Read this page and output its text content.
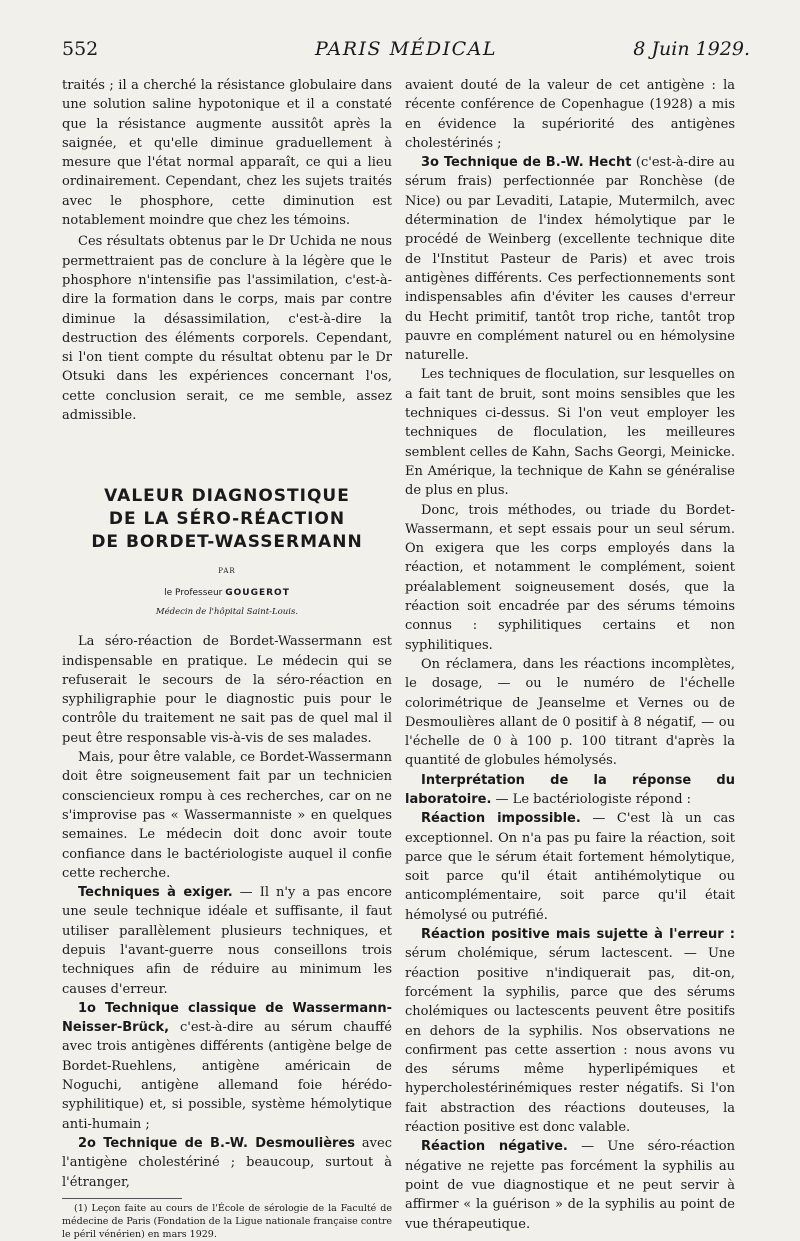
552	PARIS MÉDICAL	8 Juin 1929.

traités ; il a cherché la résistance globulaire dans une solution saline hypotonique et il a constaté que la résistance augmente aussitôt après la saignée, et qu'elle diminue graduellement à mesure que l'état normal apparaît, ce qui a lieu ordinairement. Cependant, chez les sujets traités avec le phosphore, cette diminution est notablement moindre que chez les témoins.

Ces résultats obtenus par le Dr Uchida ne nous permettraient pas de conclure à la légère que le phosphore n'intensifie pas l'assimilation, c'est-à-dire la formation dans le corps, mais par contre diminue la désassimilation, c'est-à-dire la destruction des éléments corporels. Cependant, si l'on tient compte du résultat obtenu par le Dr Otsuki dans les expériences concernant l'os, cette conclusion serait, ce me semble, assez admissible.

VALEUR DIAGNOSTIQUE
DE LA SÉRO-RÉACTION
DE BORDET-WASSERMANN
PAR
le Professeur GOUGEROT
Médecin de l'hôpital Saint-Louis.

La séro-réaction de Bordet-Wassermann est indispensable en pratique. Le médecin qui se refuserait le secours de la séro-réaction en syphiligraphie pour le diagnostic puis pour le contrôle du traitement ne sait pas de quel mal il peut être responsable vis-à-vis de ses malades.

Mais, pour être valable, ce Bordet-Wassermann doit être soigneusement fait par un technicien consciencieux rompu à ces recherches, car on ne s'improvise pas « Wassermanniste » en quelques semaines. Le médecin doit donc avoir toute confiance dans le bactériologiste auquel il confie cette recherche.

Techniques à exiger. — Il n'y a pas encore une seule technique idéale et suffisante, il faut utiliser parallèlement plusieurs techniques, et depuis l'avant-guerre nous conseillons trois techniques afin de réduire au minimum les causes d'erreur.

1o Technique classique de Wassermann-Neisser-Brück, c'est-à-dire au sérum chauffé avec trois antigènes différents (antigène belge de Bordet-Ruehlens, antigène américain de Noguchi, antigène allemand foie hérédo-syphilitique) et, si possible, système hémolytique anti-humain ;

2o Technique de B.-W. Desmoulières avec l'antigène cholestériné ; beaucoup, surtout à l'étranger,

(1) Leçon faite au cours de l'École de sérologie de la Faculté de médecine de Paris (Fondation de la Ligue nationale française contre le péril vénérien) en mars 1929.

avaient douté de la valeur de cet antigène : la récente conférence de Copenhague (1928) a mis en évidence la supériorité des antigènes cholestérinés ;

3o Technique de B.-W. Hecht (c'est-à-dire au sérum frais) perfectionnée par Ronchèse (de Nice) ou par Levaditi, Latapie, Mutermilch, avec détermination de l'index hémolytique par le procédé de Weinberg (excellente technique dite de l'Institut Pasteur de Paris) et avec trois antigènes différents. Ces perfectionnements sont indispensables afin d'éviter les causes d'erreur du Hecht primitif, tantôt trop riche, tantôt trop pauvre en complément naturel ou en hémolysine naturelle.

Les techniques de floculation, sur lesquelles on a fait tant de bruit, sont moins sensibles que les techniques ci-dessus. Si l'on veut employer les techniques de floculation, les meilleures semblent celles de Kahn, Sachs Georgi, Meinicke. En Amérique, la technique de Kahn se généralise de plus en plus.

Donc, trois méthodes, ou triade du Bordet-Wassermann, et sept essais pour un seul sérum. On exigera que les corps employés dans la réaction, et notamment le complément, soient préalablement soigneusement dosés, que la réaction soit encadrée par des sérums témoins connus : syphilitiques certains et non syphilitiques.

On réclamera, dans les réactions incomplètes, le dosage, — ou le numéro de l'échelle colorimétrique de Jeanselme et Vernes ou de Desmoulières allant de 0 positif à 8 négatif, — ou l'échelle de 0 à 100 p. 100 titrant d'après la quantité de globules hémolysés.

Interprétation de la réponse du laboratoire. — Le bactériologiste répond :

Réaction impossible. — C'est là un cas exceptionnel. On n'a pas pu faire la réaction, soit parce que le sérum était fortement hémolytique, soit parce qu'il était antihémolytique ou anticomplémentaire, soit parce qu'il était hémolysé ou putréfié.

Réaction positive mais sujette à l'erreur : sérum cholémique, sérum lactescent. — Une réaction positive n'indiquerait pas, dit-on, forcément la syphilis, parce que des sérums cholémiques ou lactescents peuvent être positifs en dehors de la syphilis. Nos observations ne confirment pas cette assertion : nous avons vu des sérums même hyperlipémiques et hypercholestérinémiques rester négatifs. Si l'on fait abstraction des réactions douteuses, la réaction positive est donc valable.

Réaction négative. — Une séro-réaction négative ne rejette pas forcément la syphilis au point de vue diagnostique et ne peut servir à affirmer « la guérison » de la syphilis au point de vue thérapeutique.
